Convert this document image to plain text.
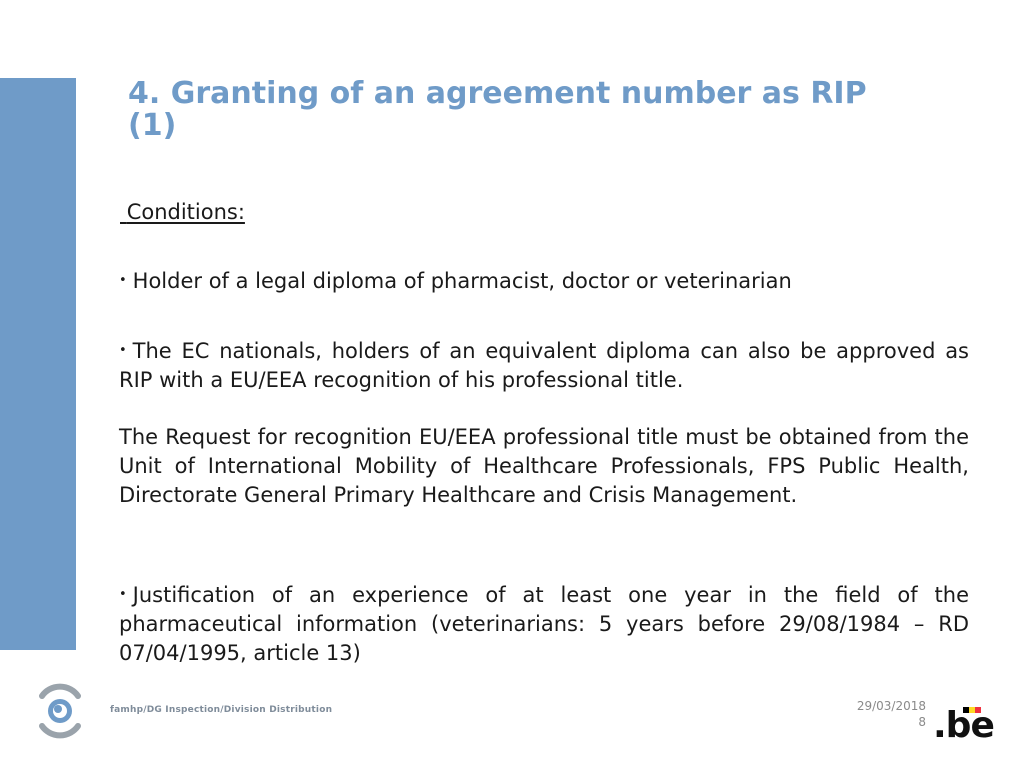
4. Granting of an agreement number as RIP (1)
Conditions:

• Holder of a legal diploma of pharmacist, doctor or veterinarian

• The EC nationals, holders of an equivalent diploma can also be approved as RIP with a EU/EEA recognition of his professional title.

The Request for recognition EU/EEA professional title must be obtained from the Unit of International Mobility of Healthcare Professionals, FPS Public Health, Directorate General Primary Healthcare and Crisis Management.

• Justification of an experience of at least one year in the field of the pharmaceutical information (veterinarians: 5 years before 29/08/1984 – RD 07/04/1995, article 13)

famhp/DG Inspection/Division Distribution	29/03/2018
8 .be
